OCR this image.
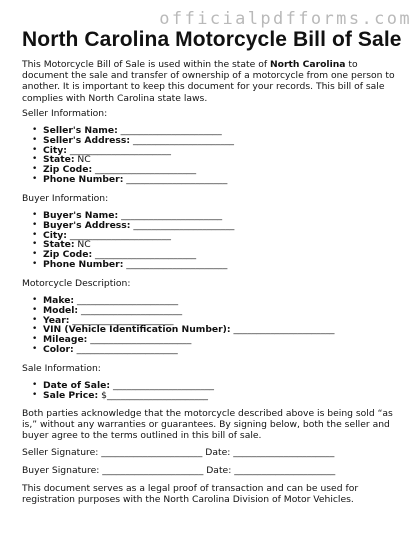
officialpdfforms.com
North Carolina Motorcycle Bill of Sale

This Motorcycle Bill of Sale is used within the state of North Carolina to document the sale and transfer of ownership of a motorcycle from one person to another. It is important to keep this document for your records. This bill of sale complies with North Carolina state laws.

Seller Information:
• Seller's Name: ______________________
• Seller's Address: ______________________
• City: ______________________
• State: NC
• Zip Code: ______________________
• Phone Number: ______________________
Buyer Information:
• Buyer's Name: ______________________
• Buyer's Address: ______________________
• City: ______________________
• State: NC
• Zip Code: ______________________
• Phone Number: ______________________
Motorcycle Description:
• Make: ______________________
• Model: ______________________
• Year: ______________________
• VIN (Vehicle Identification Number): ______________________
• Mileage: ______________________
• Color: ______________________
Sale Information:
• Date of Sale: ______________________
• Sale Price: $______________________

Both parties acknowledge that the motorcycle described above is being sold “as is,” without any warranties or guarantees. By signing below, both the seller and buyer agree to the terms outlined in this bill of sale.

Seller Signature: ______________________ Date: ______________________
Buyer Signature: ______________________ Date: ______________________

This document serves as a legal proof of transaction and can be used for registration purposes with the North Carolina Division of Motor Vehicles.
